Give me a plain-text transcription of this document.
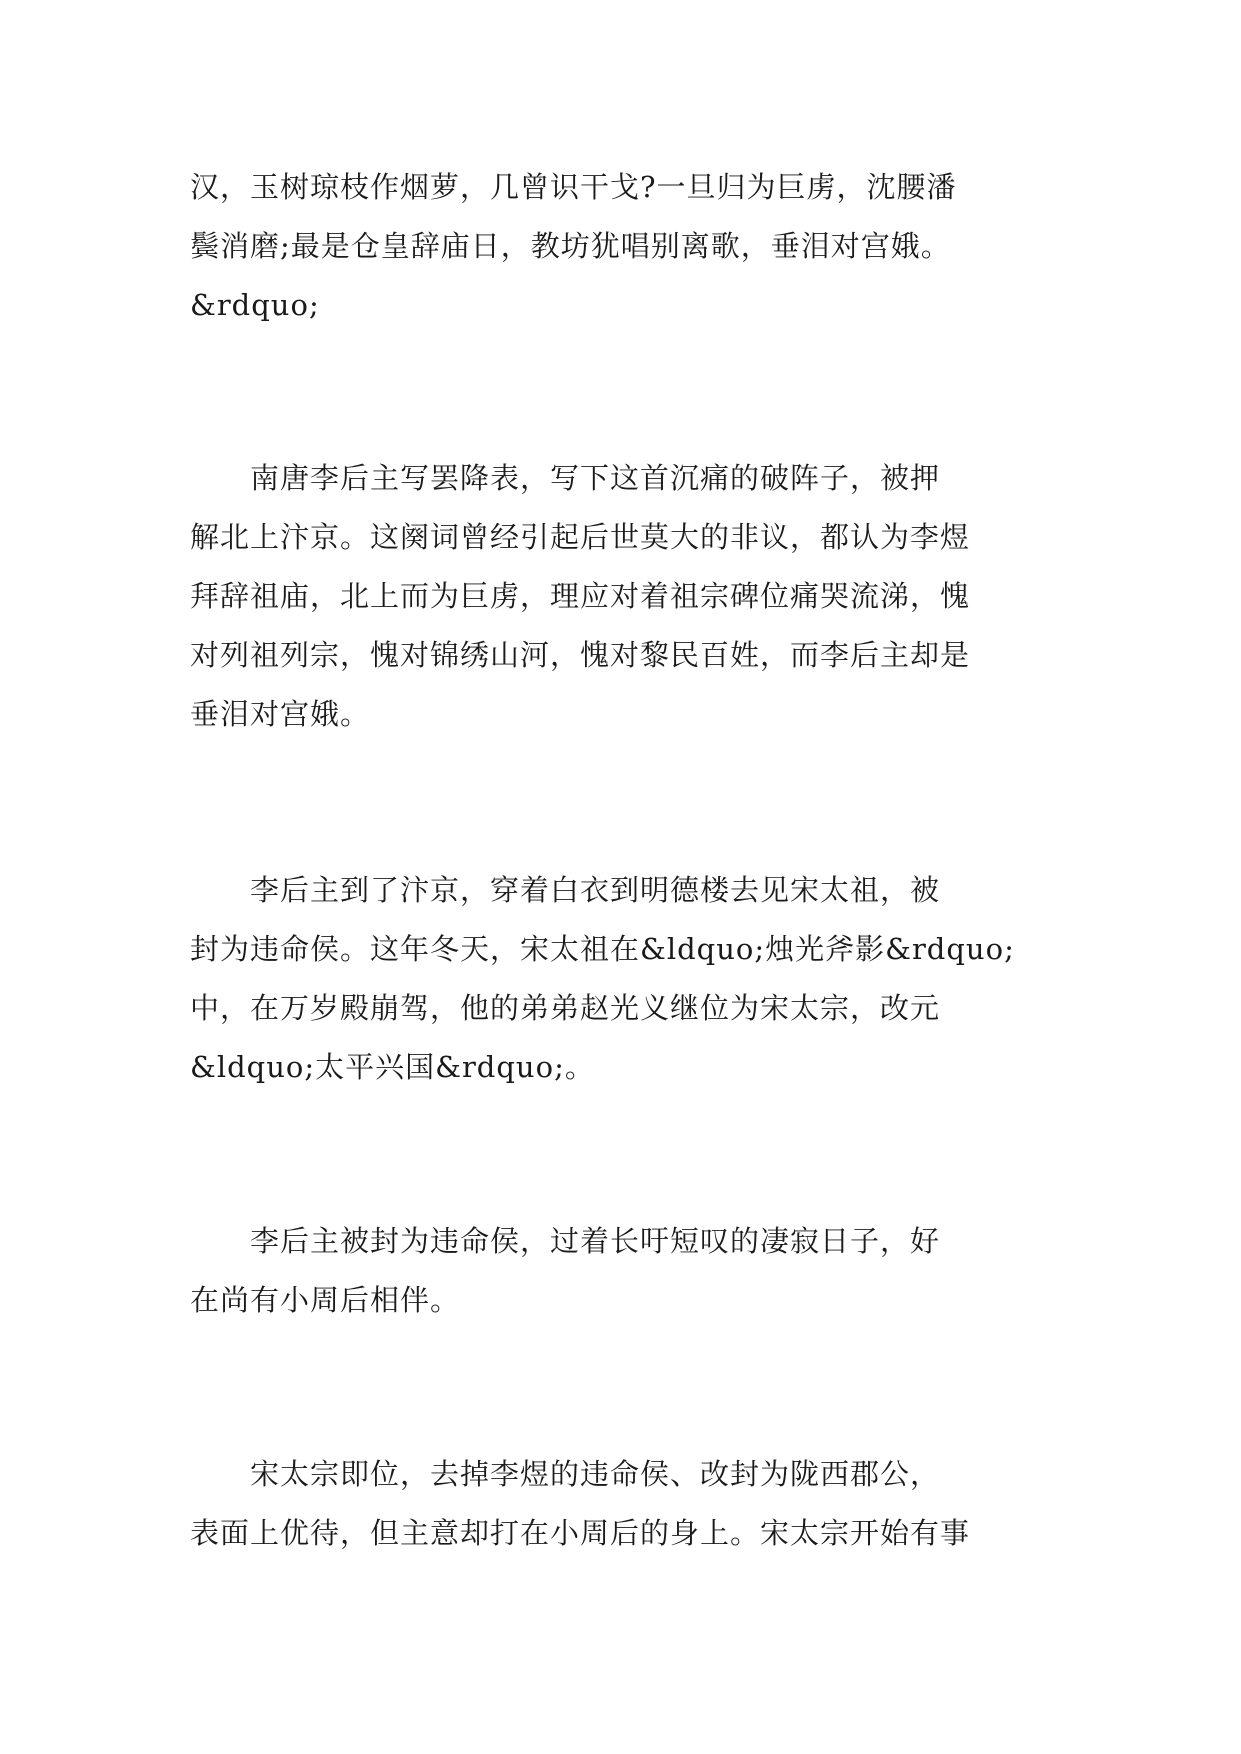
汉，玉树琼枝作烟萝，几曾识干戈?一旦归为巨虏，沈腰潘
鬓消磨;最是仓皇辞庙日，教坊犹唱别离歌，垂泪对宫娥。
&rdquo;

　　南唐李后主写罢降表，写下这首沉痛的破阵子，被押
解北上汴京。这阕词曾经引起后世莫大的非议，都认为李煜
拜辞祖庙，北上而为巨虏，理应对着祖宗碑位痛哭流涕，愧
对列祖列宗，愧对锦绣山河，愧对黎民百姓，而李后主却是
垂泪对宫娥。

　　李后主到了汴京，穿着白衣到明德楼去见宋太祖，被
封为违命侯。这年冬天，宋太祖在&ldquo;烛光斧影&rdquo;
中，在万岁殿崩驾，他的弟弟赵光义继位为宋太宗，改元
&ldquo;太平兴国&rdquo;。

　　李后主被封为违命侯，过着长吁短叹的凄寂日子，好
在尚有小周后相伴。

　　宋太宗即位，去掉李煜的违命侯、改封为陇西郡公，
表面上优待，但主意却打在小周后的身上。宋太宗开始有事
